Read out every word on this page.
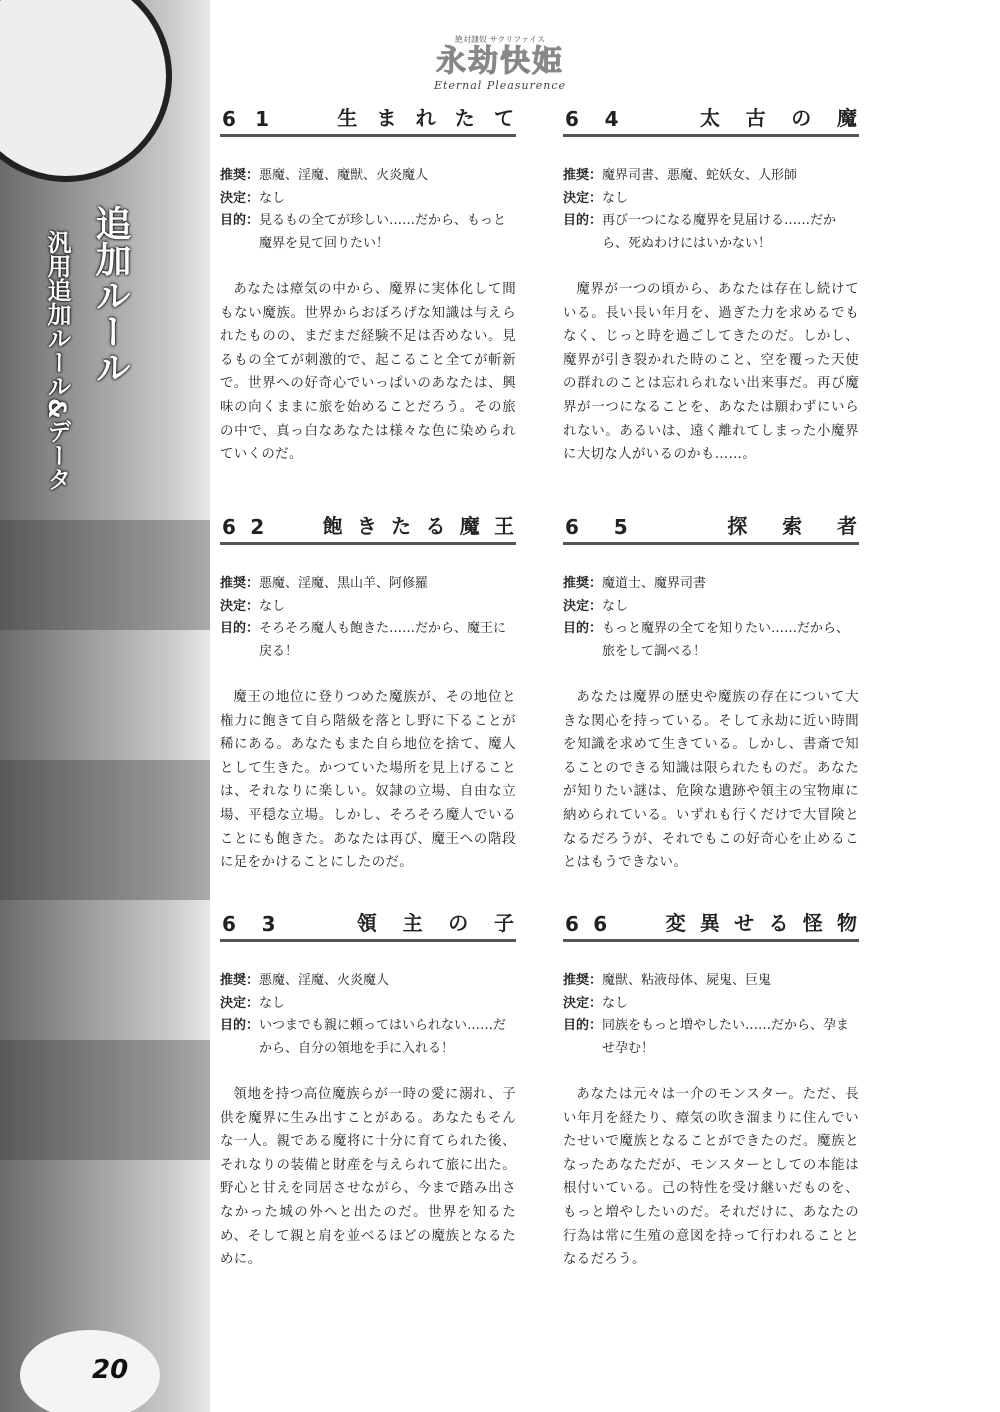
追加ルール
汎用追加ルール&データ
20
絶対隷奴 サクリファイス
永劫快姫
Eternal Pleasurence
6 1	生 ま れ た て
推奨： 悪魔、淫魔、魔獣、火炎魔人
決定： なし
目的： 見るもの全てが珍しい……だから、もっと魔界を見て回りたい！
あなたは瘴気の中から、魔界に実体化して間もない魔族。世界からおぼろげな知識は与えられたものの、まだまだ経験不足は否めない。見るもの全てが刺激的で、起こること全てが斬新で。世界への好奇心でいっぱいのあなたは、興味の向くままに旅を始めることだろう。その旅の中で、真っ白なあなたは様々な色に染められていくのだ。
6 2	飽 き た る 魔 王
推奨： 悪魔、淫魔、黒山羊、阿修羅
決定： なし
目的： そろそろ魔人も飽きた……だから、魔王に戻る！
魔王の地位に登りつめた魔族が、その地位と権力に飽きて自ら階級を落とし野に下ることが稀にある。あなたもまた自ら地位を捨て、魔人として生きた。かつていた場所を見上げることは、それなりに楽しい。奴隷の立場、自由な立場、平穏な立場。しかし、そろそろ魔人でいることにも飽きた。あなたは再び、魔王への階段に足をかけることにしたのだ。
6 3	領 主 の 子
推奨： 悪魔、淫魔、火炎魔人
決定： なし
目的： いつまでも親に頼ってはいられない……だから、自分の領地を手に入れる！
領地を持つ高位魔族らが一時の愛に溺れ、子供を魔界に生み出すことがある。あなたもそんな一人。親である魔将に十分に育てられた後、それなりの装備と財産を与えられて旅に出た。野心と甘えを同居させながら、今まで踏み出さなかった城の外へと出たのだ。世界を知るため、そして親と肩を並べるほどの魔族となるために。
6 4	太 古 の 魔
推奨： 魔界司書、悪魔、蛇妖女、人形師
決定： なし
目的： 再び一つになる魔界を見届ける……だから、死ぬわけにはいかない！
魔界が一つの頃から、あなたは存在し続けている。長い長い年月を、過ぎた力を求めるでもなく、じっと時を過ごしてきたのだ。しかし、魔界が引き裂かれた時のこと、空を覆った天使の群れのことは忘れられない出来事だ。再び魔界が一つになることを、あなたは願わずにいられない。あるいは、遠く離れてしまった小魔界に大切な人がいるのかも……。
6 5	探 索 者
推奨： 魔道士、魔界司書
決定： なし
目的： もっと魔界の全てを知りたい……だから、旅をして調べる！
あなたは魔界の歴史や魔族の存在について大きな関心を持っている。そして永劫に近い時間を知識を求めて生きている。しかし、書斎で知ることのできる知識は限られたものだ。あなたが知りたい謎は、危険な遺跡や領主の宝物庫に納められている。いずれも行くだけで大冒険となるだろうが、それでもこの好奇心を止めることはもうできない。
6 6	変 異 せ る 怪 物
推奨： 魔獣、粘液母体、屍鬼、巨鬼
決定： なし
目的： 同族をもっと増やしたい……だから、孕ませ孕む！
あなたは元々は一介のモンスター。ただ、長い年月を経たり、瘴気の吹き溜まりに住んでいたせいで魔族となることができたのだ。魔族となったあなただが、モンスターとしての本能は根付いている。己の特性を受け継いだものを、もっと増やしたいのだ。それだけに、あなたの行為は常に生殖の意図を持って行われることとなるだろう。
